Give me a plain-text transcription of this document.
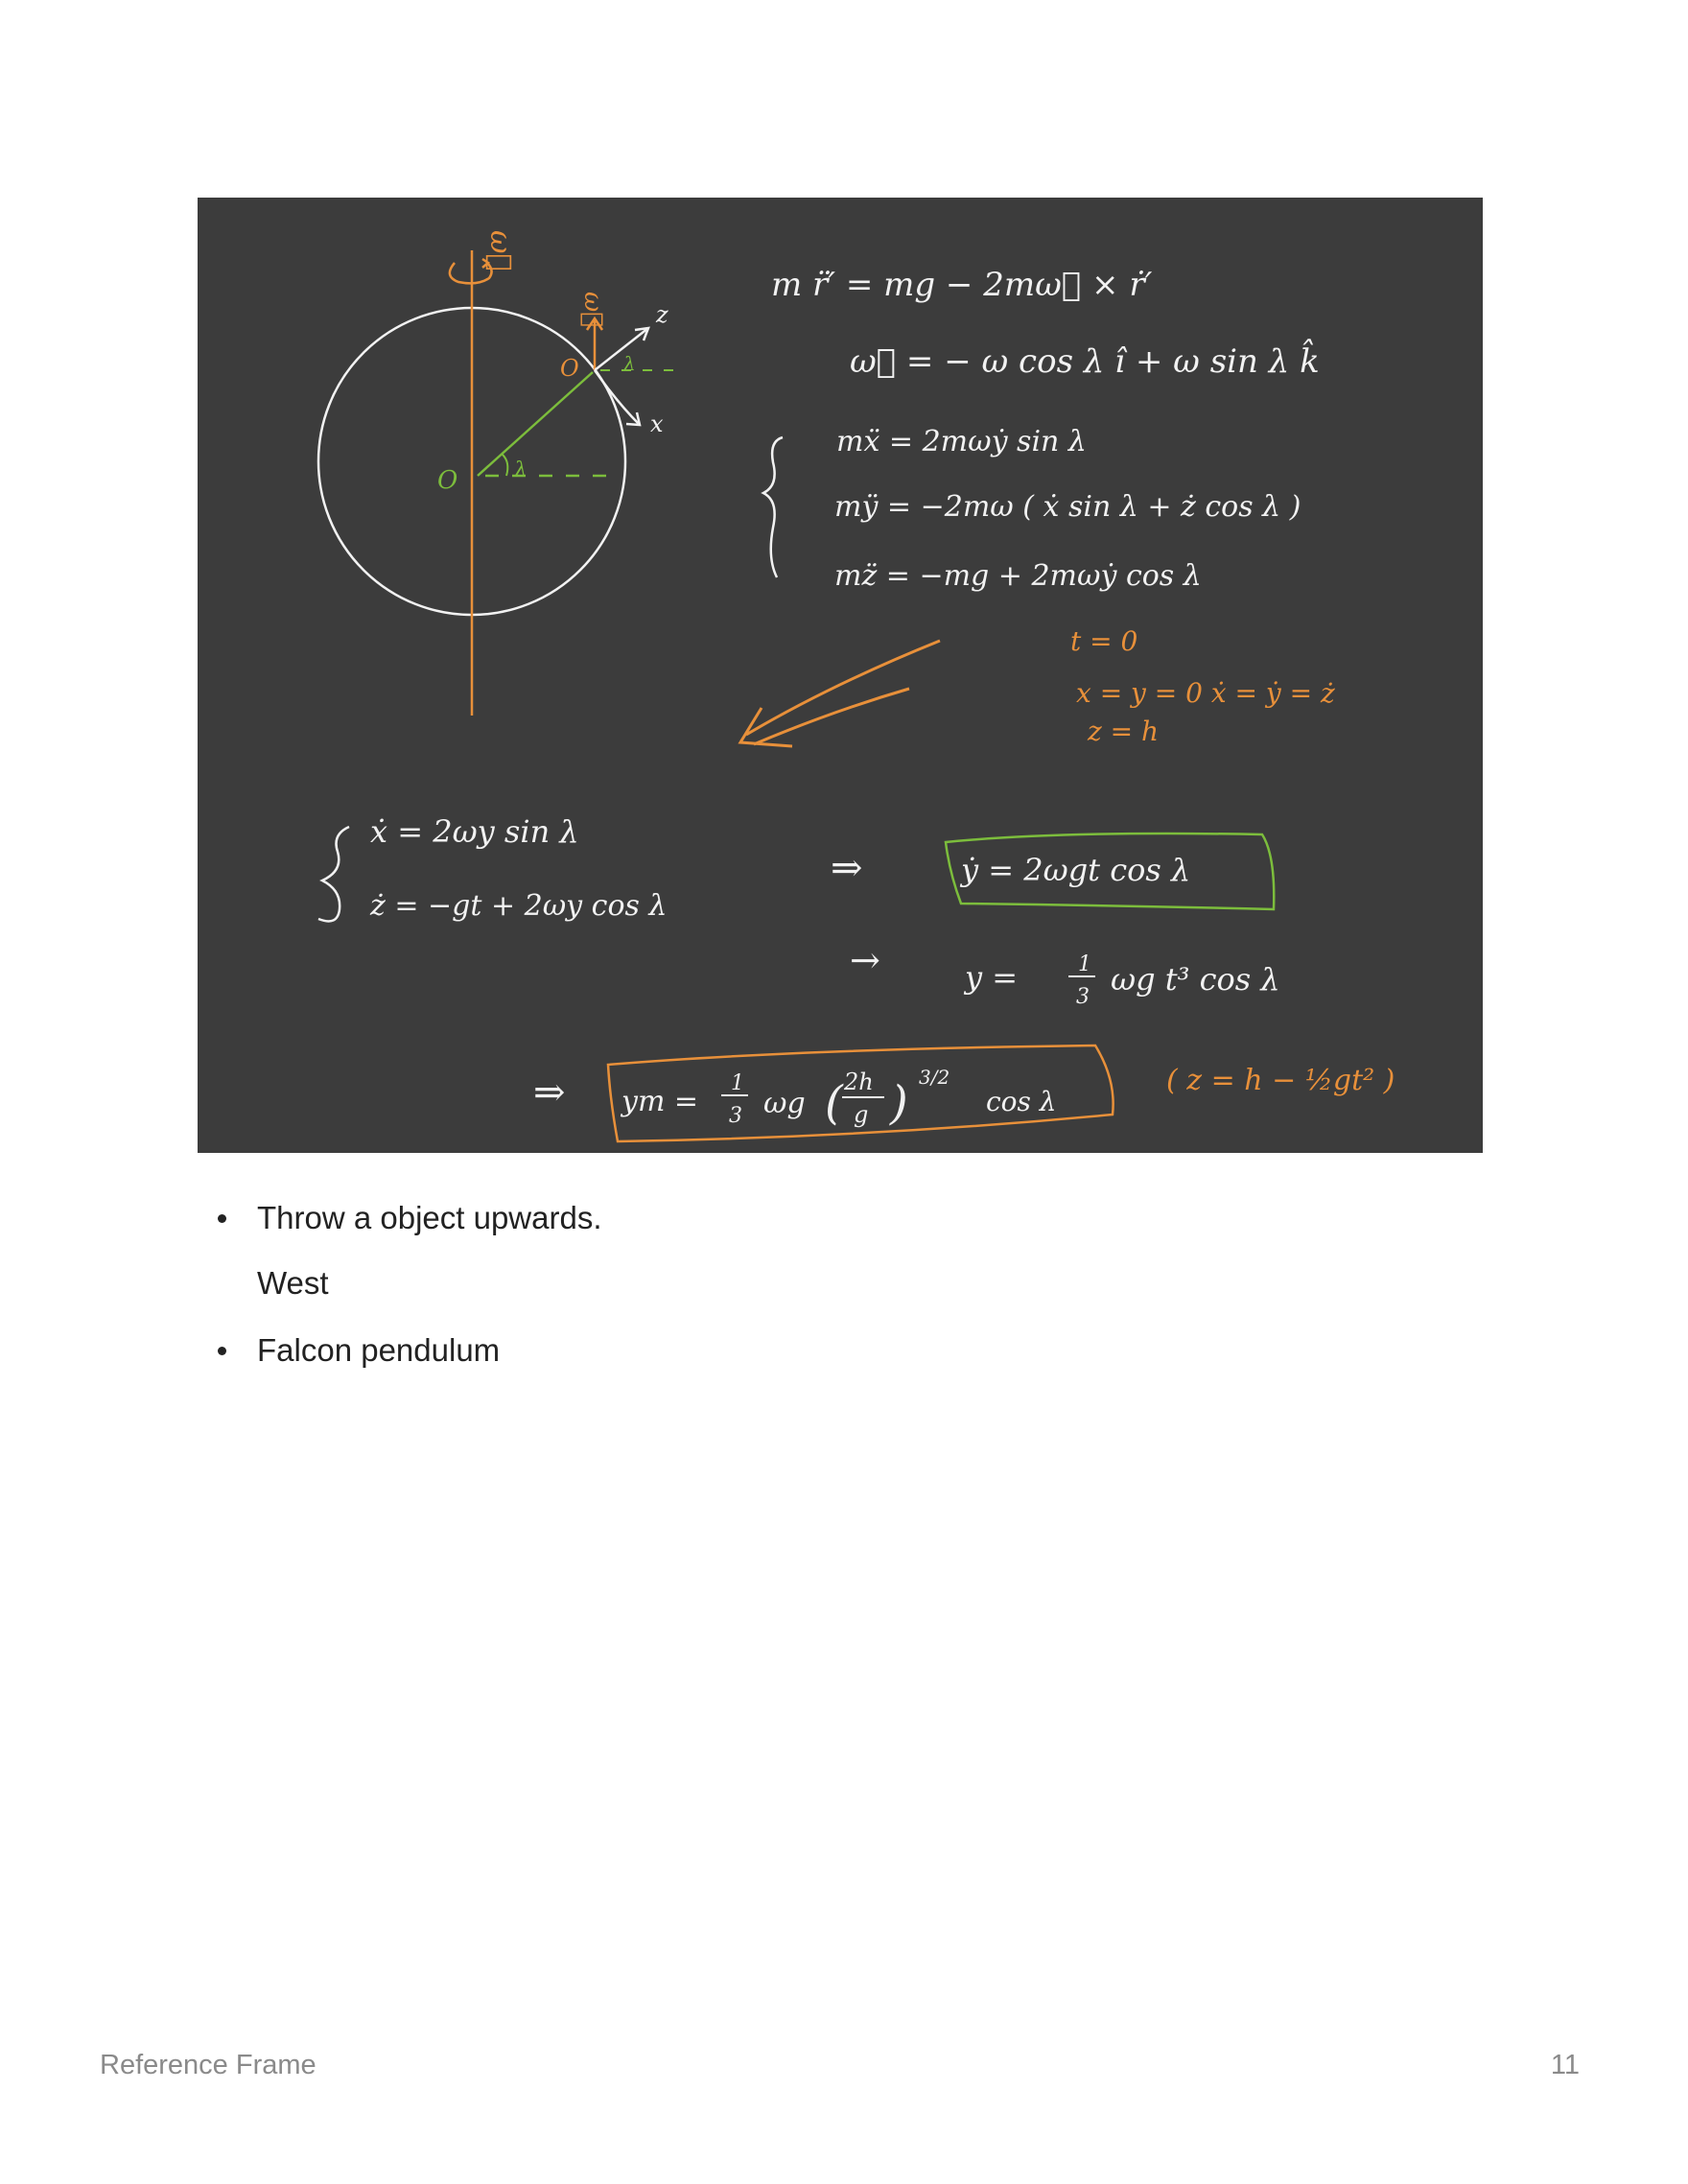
ω⃗
O	λ
O
ω⃗ z
x
λ
m r̈′ = mg − 2mω⃗ × ṙ′
ω⃗ = − ω cos λ î + ω sin λ k̂
mẍ = 2mωẏ sin λ
mÿ = −2mω ( ẋ sin λ + ż cos λ )
mz̈ = −mg + 2mωẏ cos λ
t = 0
x = y = 0 ẋ = ẏ = ż
z = h
ẋ = 2ωy sin λ
ż = −gt + 2ωy cos λ
⇒	ẏ = 2ωgt cos λ
→	y =	1
3 ωg t³ cos λ
⇒ ym =
1
3 ωg ( 2h
g ) 3/2
cos λ
( z = h − ½gt² )
Throw a object upwards.
West
Falcon pendulum
Reference Frame	11
